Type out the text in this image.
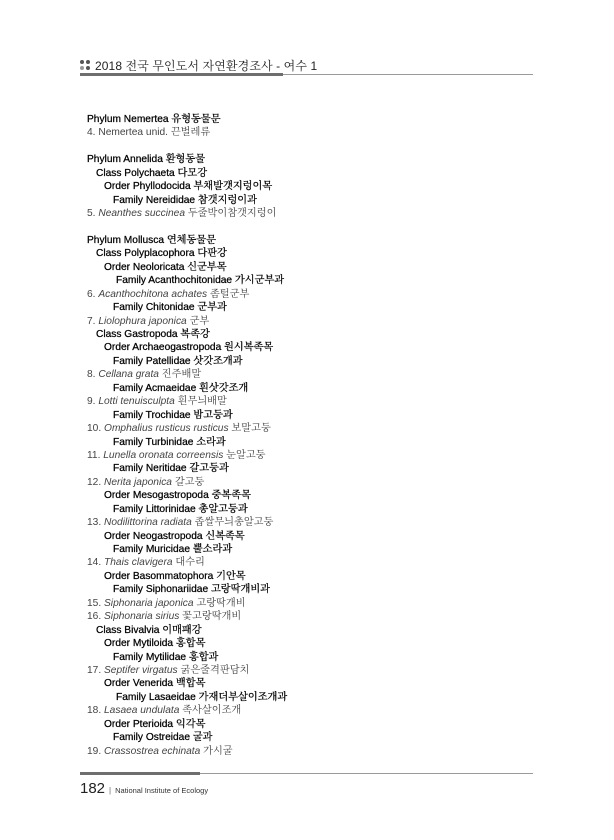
2018 전국 무인도서 자연환경조사 - 여수 1
Phylum Nemertea 유형동물문
4. Nemertea unid. 끈벌레류
Phylum Annelida 환형동물
Class Polychaeta 다모강
Order Phyllodocida 부채발갯지렁이목
Family Nereididae 참갯지렁이과
5. Neanthes succinea 두줄박이참갯지렁이
Phylum Mollusca 연체동물문
Class Polyplacophora 다판강
Order Neoloricata 신군부목
Family Acanthochitonidae 가시군부과
6. Acanthochitona achates 좀털군부
Family Chitonidae 군부과
7. Liolophura japonica 군부
Class Gastropoda 복족강
Order Archaeogastropoda 원시복족목
Family Patellidae 삿갓조개과
8. Cellana grata 진주배말
Family Acmaeidae 흰삿갓조개
9. Lotti tenuisculpta 흰무늬배말
Family Trochidae 밤고둥과
10. Omphalius rusticus rusticus 보말고둥
Family Turbinidae 소라과
11. Lunella oronata correensis 눈알고둥
Family Neritidae 갈고둥과
12. Nerita japonica 갈고둥
Order Mesogastropoda 중복족목
Family Littorinidae 총알고둥과
13. Nodilittorina radiata 좁쌀무늬총알고둥
Order Neogastropoda 신복족목
Family Muricidae 뿔소라과
14. Thais clavigera 대수리
Order Basommatophora 기안목
Family Siphonariidae 고랑딱개비과
15. Siphonaria japonica 고랑딱개비
16. Siphonaria sirius 꽃고랑딱개비
Class Bivalvia 이매패강
Order Mytiloida 홍합목
Family Mytilidae 홍합과
17. Septifer virgatus 굵은줄격판담치
Order Venerida 백합목
Family Lasaeidae 가재더부살이조개과
18. Lasaea undulata 족사살이조개
Order Pterioida 익각목
Family Ostreidae 굴과
19. Crassostrea echinata 가시굴
182 | National Institute of Ecology
